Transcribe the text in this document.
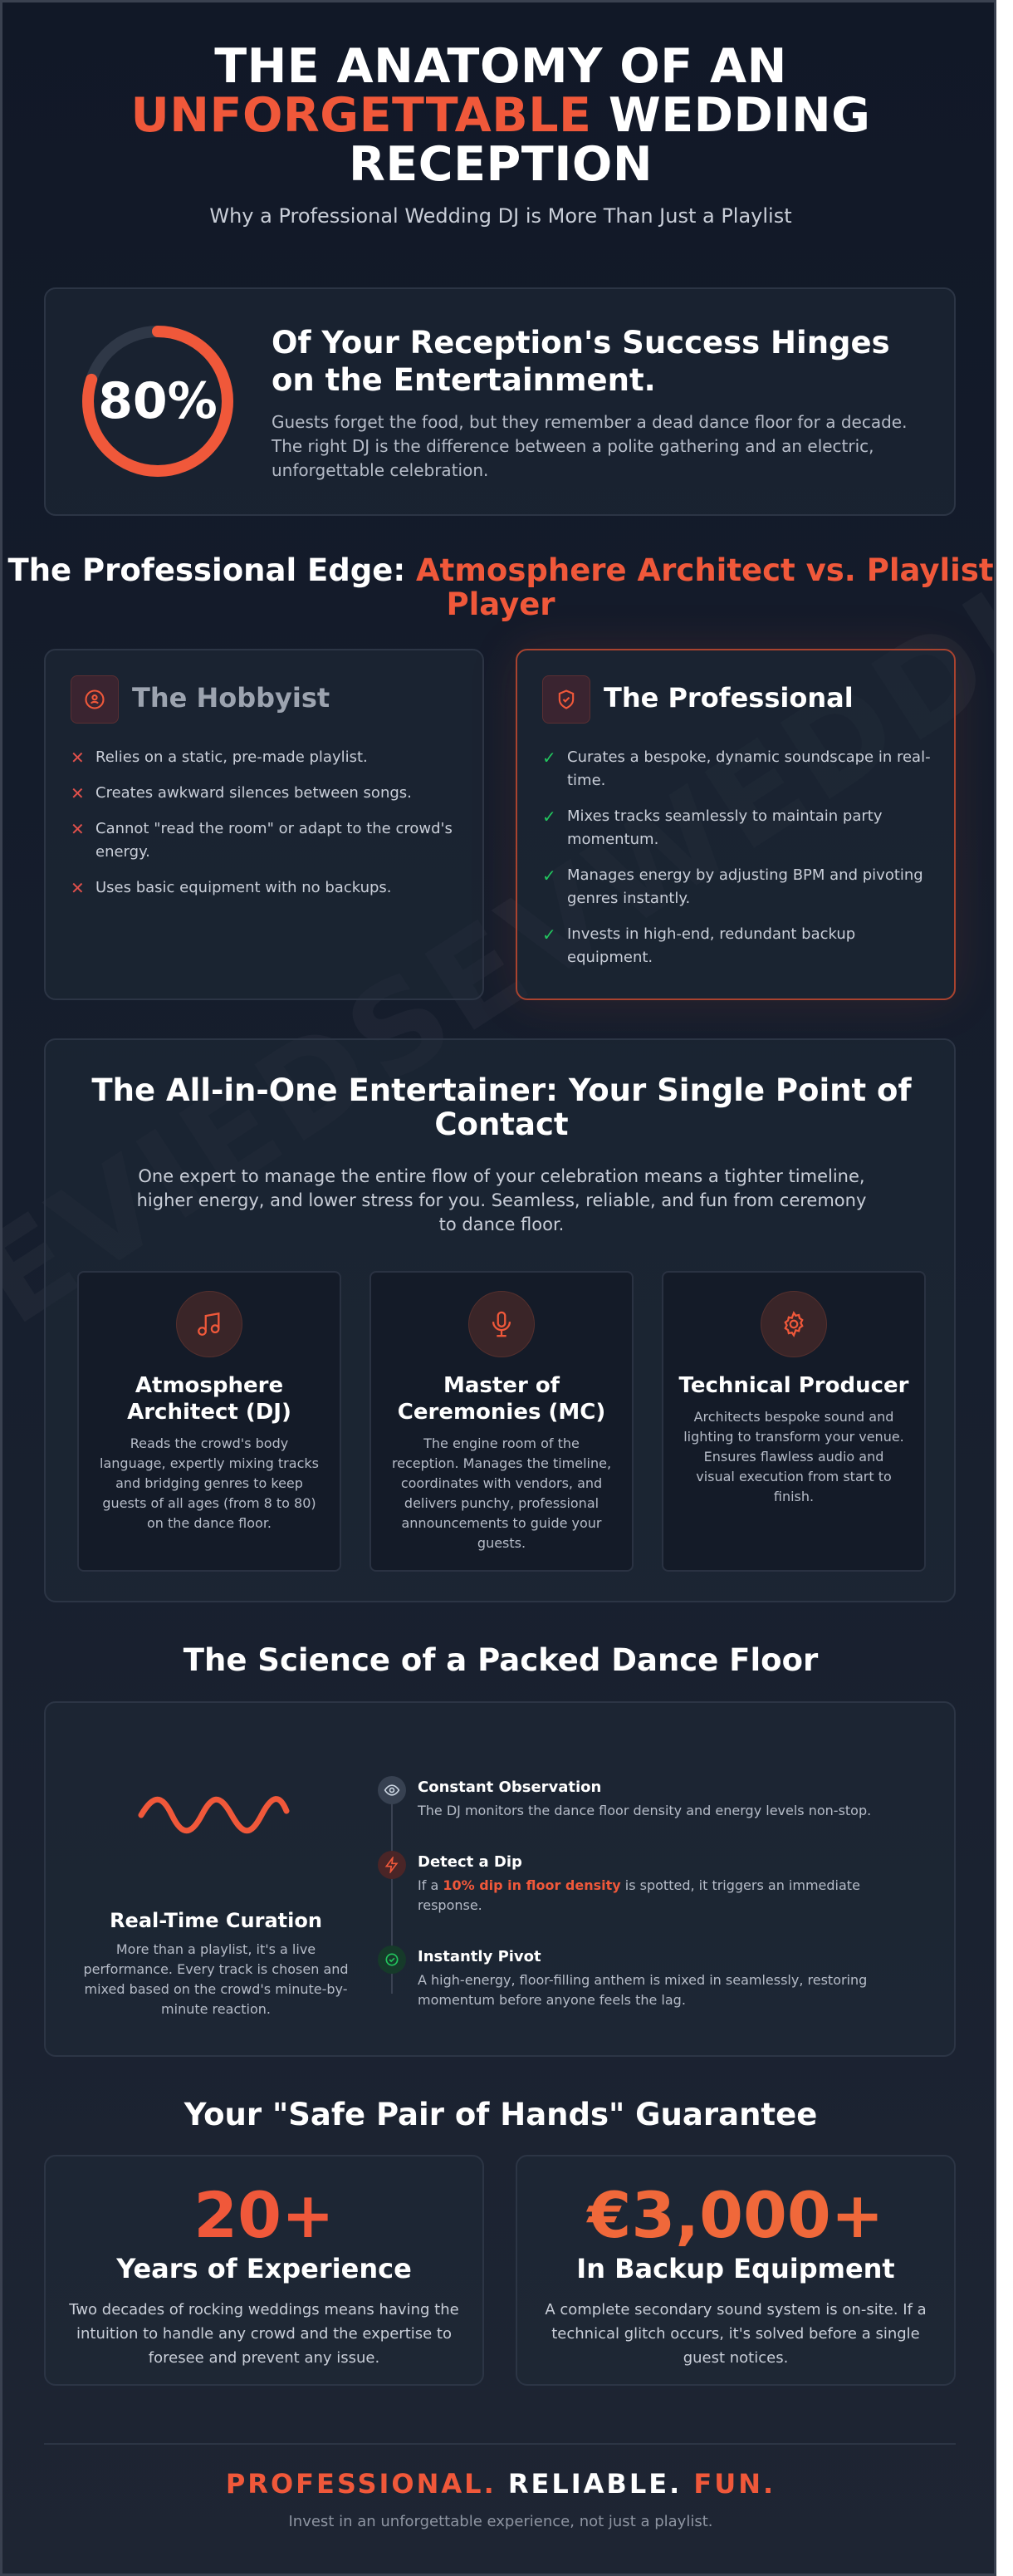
THE ANATOMY OF AN
UNFORGETTABLE WEDDING
RECEPTION
Why a Professional Wedding DJ is More Than Just a Playlist
80%
Of Your Reception's Success Hinges on the Entertainment.
Guests forget the food, but they remember a dead dance floor for a decade. The right DJ is the difference between a polite gathering and an electric, unforgettable celebration.
The Professional Edge: Atmosphere Architect vs. Playlist Player
The Hobbyist
✕ Relies on a static, pre-made playlist.
✕ Creates awkward silences between songs.
✕ Cannot "read the room" or adapt to the crowd's energy.
✕ Uses basic equipment with no backups.
The Professional
✓ Curates a bespoke, dynamic soundscape in real-time.
✓ Mixes tracks seamlessly to maintain party momentum.
✓ Manages energy by adjusting BPM and pivoting genres instantly.
✓ Invests in high-end, redundant backup equipment.
The All-in-One Entertainer: Your Single Point of Contact
One expert to manage the entire flow of your celebration means a tighter timeline, higher energy, and lower stress for you. Seamless, reliable, and fun from ceremony to dance floor.
Atmosphere Architect (DJ)
Reads the crowd's body language, expertly mixing tracks and bridging genres to keep guests of all ages (from 8 to 80) on the dance floor.
Master of Ceremonies (MC)
The engine room of the reception. Manages the timeline, coordinates with vendors, and delivers punchy, professional announcements to guide your guests.
Technical Producer
Architects bespoke sound and lighting to transform your venue. Ensures flawless audio and visual execution from start to finish.
The Science of a Packed Dance Floor
Real-Time Curation
More than a playlist, it's a live performance. Every track is chosen and mixed based on the crowd's minute-by-minute reaction.
Constant Observation
The DJ monitors the dance floor density and energy levels non-stop.
Detect a Dip
If a 10% dip in floor density is spotted, it triggers an immediate response.
Instantly Pivot
A high-energy, floor-filling anthem is mixed in seamlessly, restoring momentum before anyone feels the lag.
Your "Safe Pair of Hands" Guarantee
20+
Years of Experience
Two decades of rocking weddings means having the intuition to handle any crowd and the expertise to foresee and prevent any issue.
€3,000+
In Backup Equipment
A complete secondary sound system is on-site. If a technical glitch occurs, it's solved before a single guest notices.
PROFESSIONAL. RELIABLE. FUN.
Invest in an unforgettable experience, not just a playlist.
